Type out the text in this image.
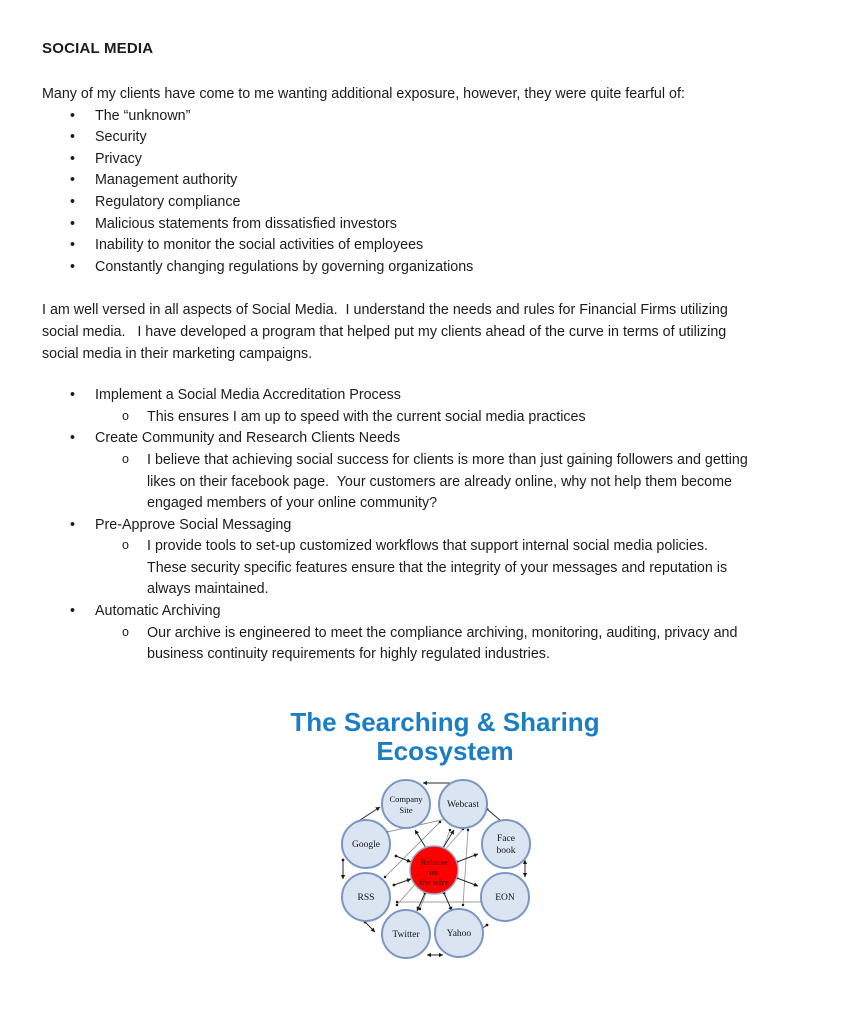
SOCIAL MEDIA
Many of my clients have come to me wanting additional exposure, however, they were quite fearful of:
• The “unknown”
• Security
• Privacy
• Management authority
• Regulatory compliance
• Malicious statements from dissatisfied investors
• Inability to monitor the social activities of employees
• Constantly changing regulations by governing organizations
I am well versed in all aspects of Social Media.  I understand the needs and rules for Financial Firms utilizing
social media.   I have developed a program that helped put my clients ahead of the curve in terms of utilizing
social media in their marketing campaigns.
• Implement a Social Media Accreditation Process
o This ensures I am up to speed with the current social media practices
• Create Community and Research Clients Needs
o I believe that achieving social success for clients is more than just gaining followers and getting
likes on their facebook page.  Your customers are already online, why not help them become
engaged members of your online community?
• Pre-Approve Social Messaging
o I provide tools to set-up customized workflows that support internal social media policies.
These security specific features ensure that the integrity of your messages and reputation is
always maintained.
• Automatic Archiving
o Our archive is engineered to meet the compliance archiving, monitoring, auditing, privacy and
business continuity requirements for highly regulated industries.
The Searching & Sharing
Ecosystem
Company
Site	Webcast
Google
Face
book
RSS	EON
Twitter	Yahoo
Release
on
the wire
